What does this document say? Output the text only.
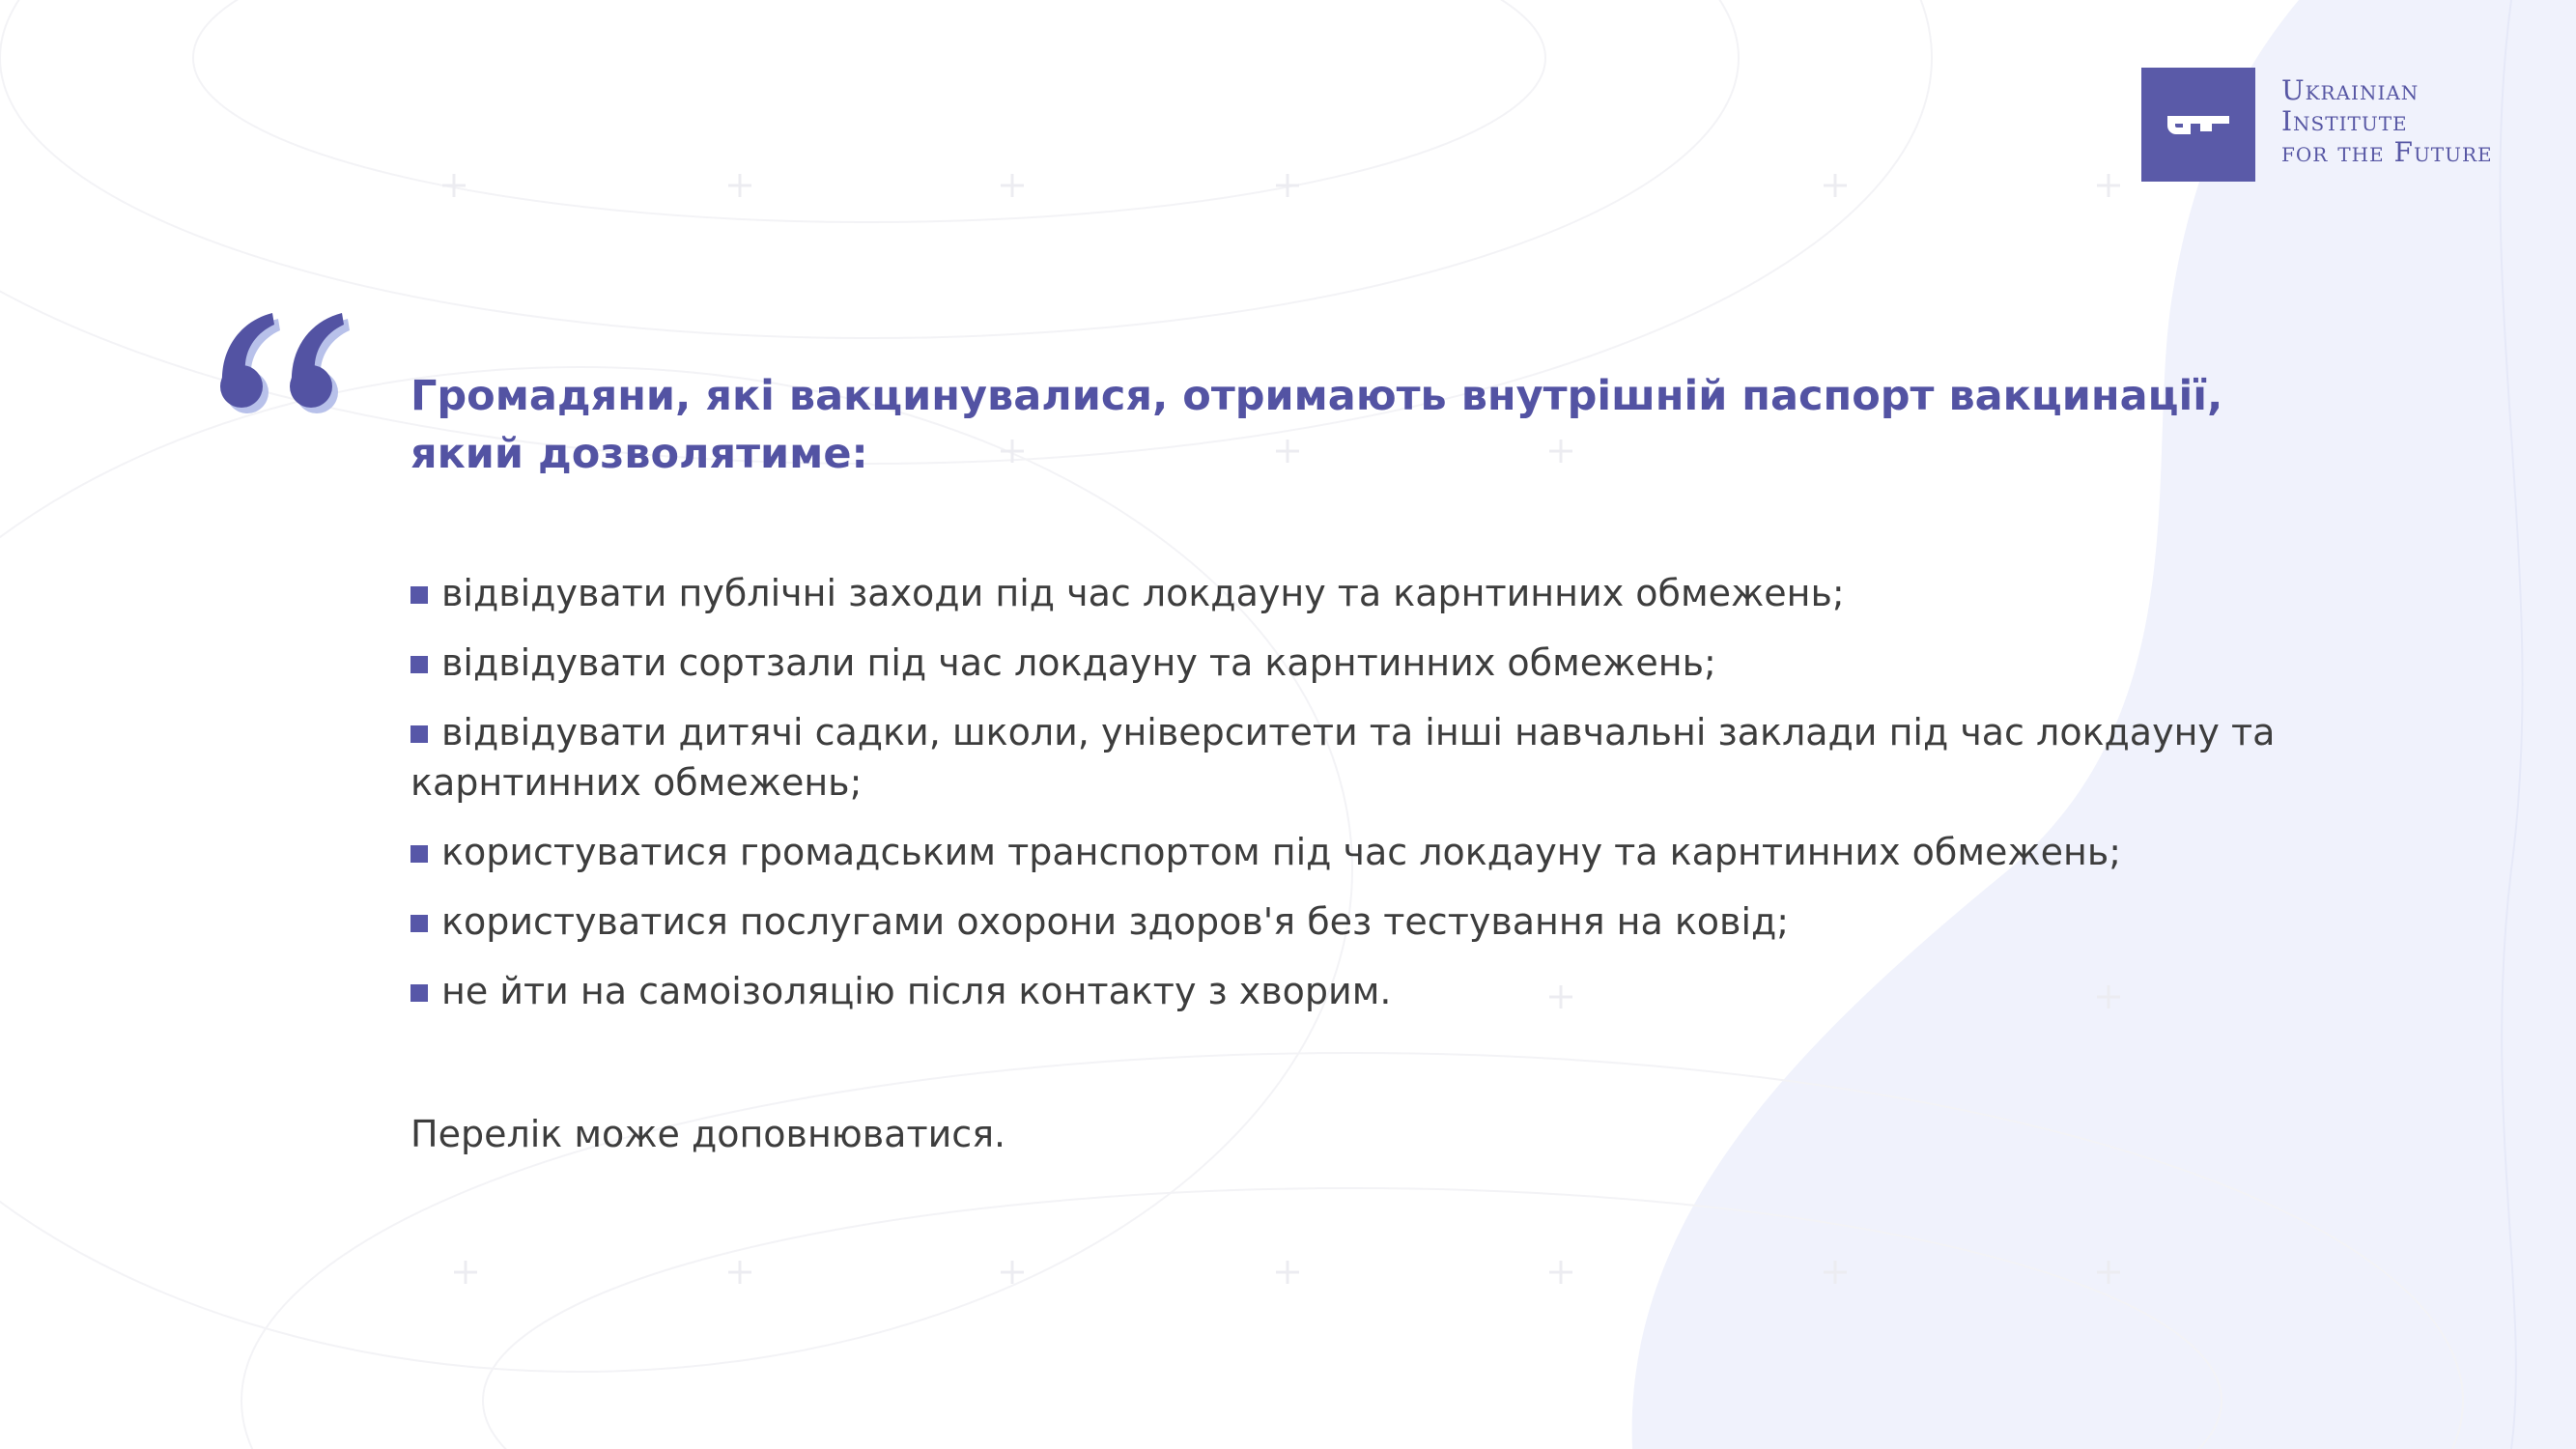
Ukrainian
Institute
for the Future
Громадяни, які вакцинувалися, отримають внутрішній паспорт вакцинації, який дозволятиме:
відвідувати публічні заходи під час локдауну та карнтинних обмежень;
відвідувати сортзали під час локдауну та карнтинних обмежень;
відвідувати дитячі садки, школи, університети та інші навчальні заклади під час локдауну та карнтинних обмежень;
користуватися громадським транспортом під час локдауну та карнтинних обмежень;
користуватися послугами охорони здоров'я без тестування на ковід;
не йти на самоізоляцію після контакту з хворим.
Перелік може доповнюватися.
